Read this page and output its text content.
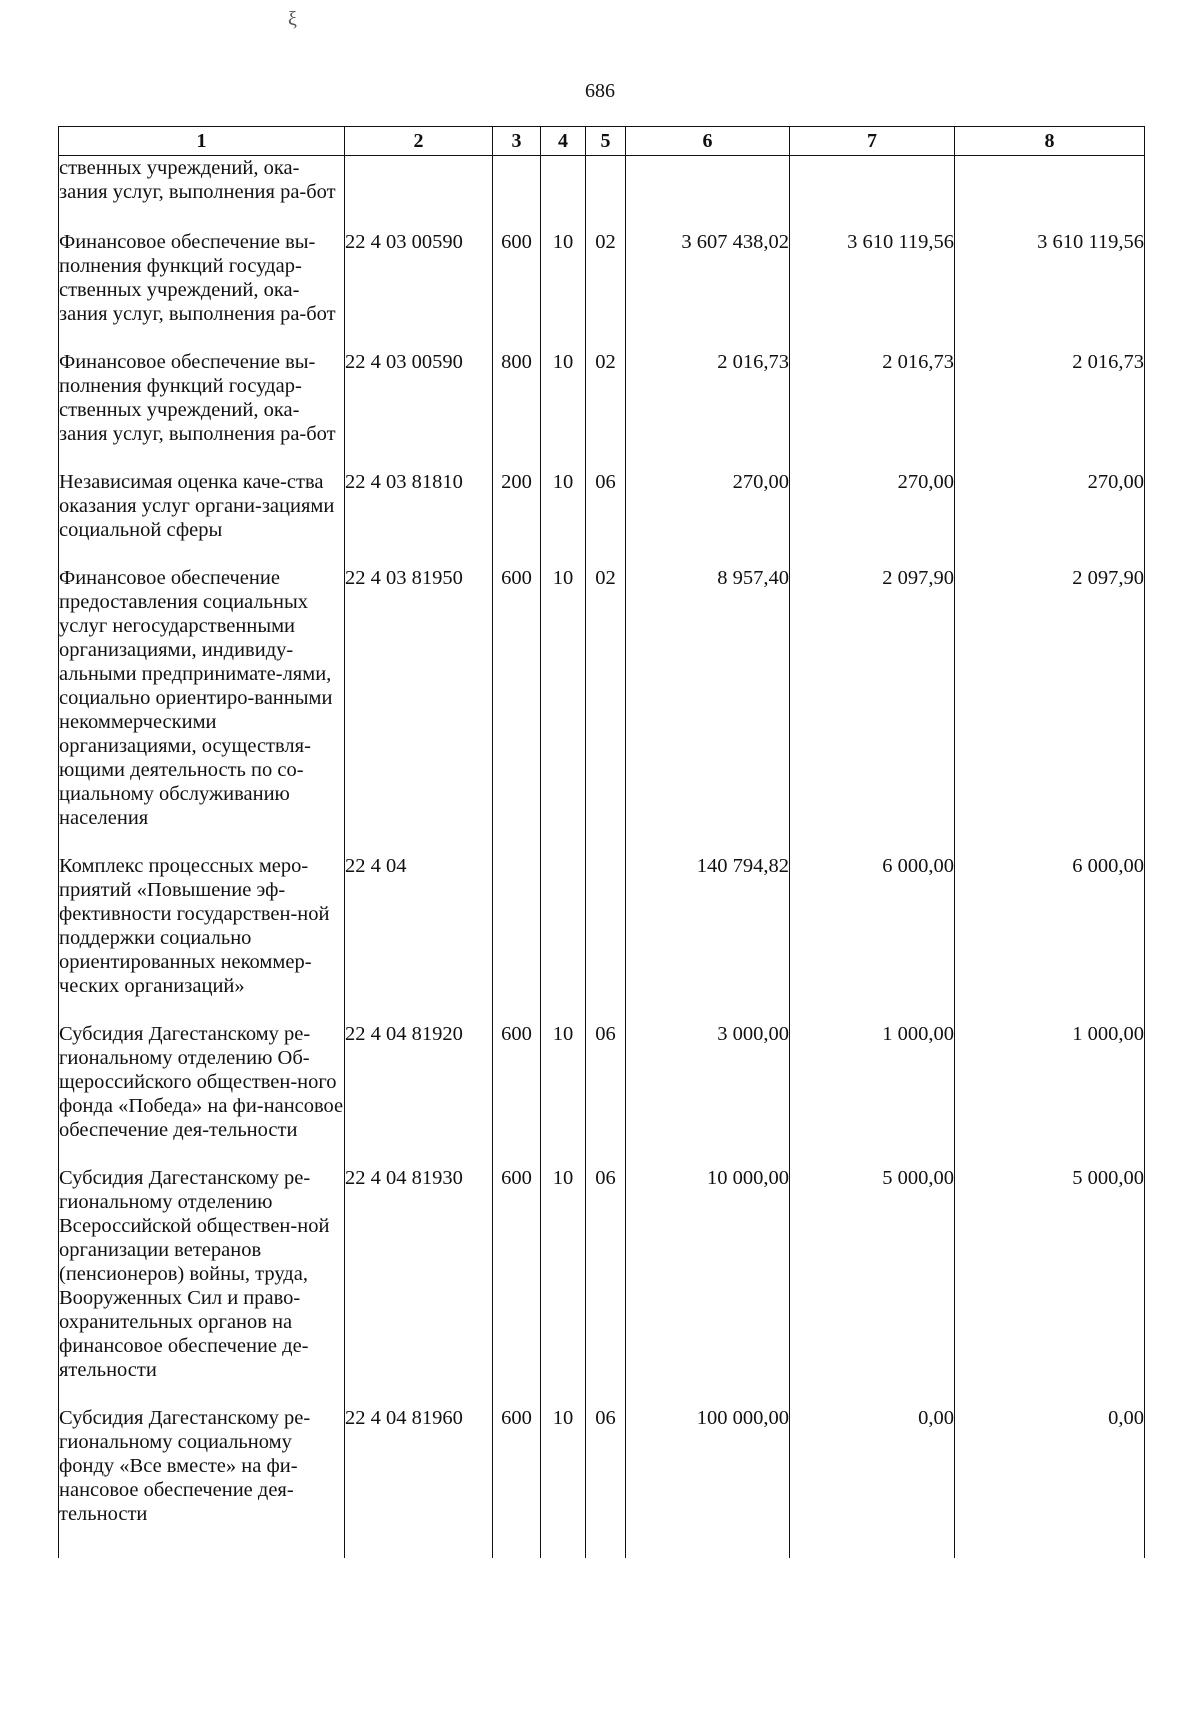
ξ
686
1	2	3	4	5	6	7	8
ственных учреждений, ока-зания услуг, выполнения ра-бот							
Финансовое обеспечение вы-полнения функций государ-ственных учреждений, ока-зания услуг, выполнения ра-бот	22 4 03 00590	600	10	02	3 607 438,02	3 610 119,56	3 610 119,56
Финансовое обеспечение вы-полнения функций государ-ственных учреждений, ока-зания услуг, выполнения ра-бот	22 4 03 00590	800	10	02	2 016,73	2 016,73	2 016,73
Независимая оценка каче-ства оказания услуг органи-зациями социальной сферы	22 4 03 81810	200	10	06	270,00	270,00	270,00
Финансовое обеспечение предоставления социальных услуг негосударственными организациями, индивиду-альными предпринимате-лями, социально ориентиро-ванными некоммерческими организациями, осуществля-ющими деятельность по со-циальному обслуживанию населения	22 4 03 81950	600	10	02	8 957,40	2 097,90	2 097,90
Комплекс процессных меро-приятий «Повышение эф-фективности государствен-ной поддержки социально ориентированных некоммер-ческих организаций»	22 4 04				140 794,82	6 000,00	6 000,00
Субсидия Дагестанскому ре-гиональному отделению Об-щероссийского обществен-ного фонда «Победа» на фи-нансовое обеспечение дея-тельности	22 4 04 81920	600	10	06	3 000,00	1 000,00	1 000,00
Субсидия Дагестанскому ре-гиональному отделению Всероссийской обществен-ной организации ветеранов (пенсионеров) войны, труда, Вооруженных Сил и право-охранительных органов на финансовое обеспечение де-ятельности	22 4 04 81930	600	10	06	10 000,00	5 000,00	5 000,00
Субсидия Дагестанскому ре-гиональному социальному фонду «Все вместе» на фи-нансовое обеспечение дея-тельности	22 4 04 81960	600	10	06	100 000,00	0,00	0,00
